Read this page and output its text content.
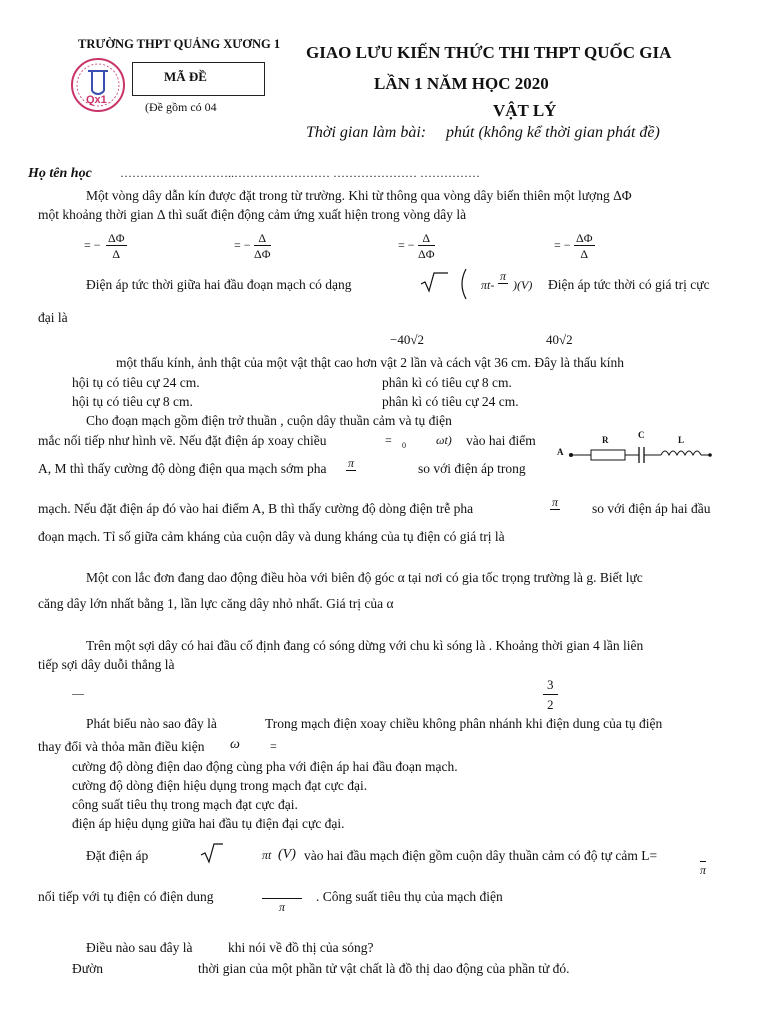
TRƯỜNG THPT QUẢNG XƯƠNG 1
Qx1
MÃ ĐỀ
(Đề gồm có 04
GIAO LƯU KIẾN THỨC THI THPT QUỐC GIA
LẦN 1 NĂM HỌC 2020
VẬT LÝ
Thời gian làm bài: phút (không kể thời gian phát đề)
Họ tên học ………………………..…………………… ………………… ……………
Một vòng dây dẫn kín được đặt trong từ trường. Khi từ thông qua vòng dây biến thiên một lượng ΔΦ
một khoảng thời gian Δ thì suất điện động cảm ứng xuất hiện trong vòng dây là
= − $\frac{\Delta\Phi}{\Delta}$	= − $\frac{\Delta}{\Delta\Phi}$	= − $\frac{\Delta}{\Delta\Phi}$	= − $\frac{\Delta\Phi}{\Delta}$
Điện áp tức thời giữa hai đầu đoạn mạch có dạng	πt-
π
)(V) Điện áp tức thời có giá trị cực
đại là
−40√2	40√2
một thấu kính, ảnh thật của một vật thật cao hơn vật 2 lần và cách vật 36 cm. Đây là thấu kính
hội tụ có tiêu cự 24 cm.	phân kì có tiêu cự 8 cm.
hội tụ có tiêu cự 8 cm.	phân kì có tiêu cự 24 cm.
Cho đoạn mạch gồm điện trở thuần , cuộn dây thuần cảm và tụ điện
mắc nối tiếp như hình vẽ. Nếu đặt điện áp xoay chiều	= 0	ωt) vào hai điểm
A, M thì thấy cường độ dòng điện qua mạch sớm pha π	so với điện áp trong
A
R	C	L
mạch. Nếu đặt điện áp đó vào hai điểm A, B thì thấy cường độ dòng điện trễ pha	π	so với điện áp hai đầu
đoạn mạch. Tỉ số giữa cảm kháng của cuộn dây và dung kháng của tụ điện có giá trị là
Một con lắc đơn đang dao động điều hòa với biên độ góc α tại nơi có gia tốc trọng trường là g. Biết lực
căng dây lớn nhất bằng 1, lần lực căng dây nhỏ nhất. Giá trị của α
Trên một sợi dây có hai đầu cố định đang có sóng dừng với chu kì sóng là . Khoảng thời gian 4 lần liên
tiếp sợi dây duỗi thẳng là
—	$\frac{3}{2}$
Phát biểu nào sao đây là	Trong mạch điện xoay chiều không phân nhánh khi điện dung của tụ điện
thay đổi và thỏa mãn điều kiện ω	=
cường độ dòng điện dao động cùng pha với điện áp hai đầu đoạn mạch.
cường độ dòng điện hiệu dụng trong mạch đạt cực đại.
công suất tiêu thụ trong mạch đạt cực đại.
điện áp hiệu dụng giữa hai đầu tụ điện đại cực đại.
Đặt điện áp	πt (V) vào hai đầu mạch điện gồm cuộn dây thuần cảm có độ tự cảm L=
π
nối tiếp với tụ điện có điện dung
π
. Công suất tiêu thụ của mạch điện
Điều nào sau đây là	khi nói về đồ thị của sóng?
Đườn	thời gian của một phần tử vật chất là đồ thị dao động của phần tử đó.
